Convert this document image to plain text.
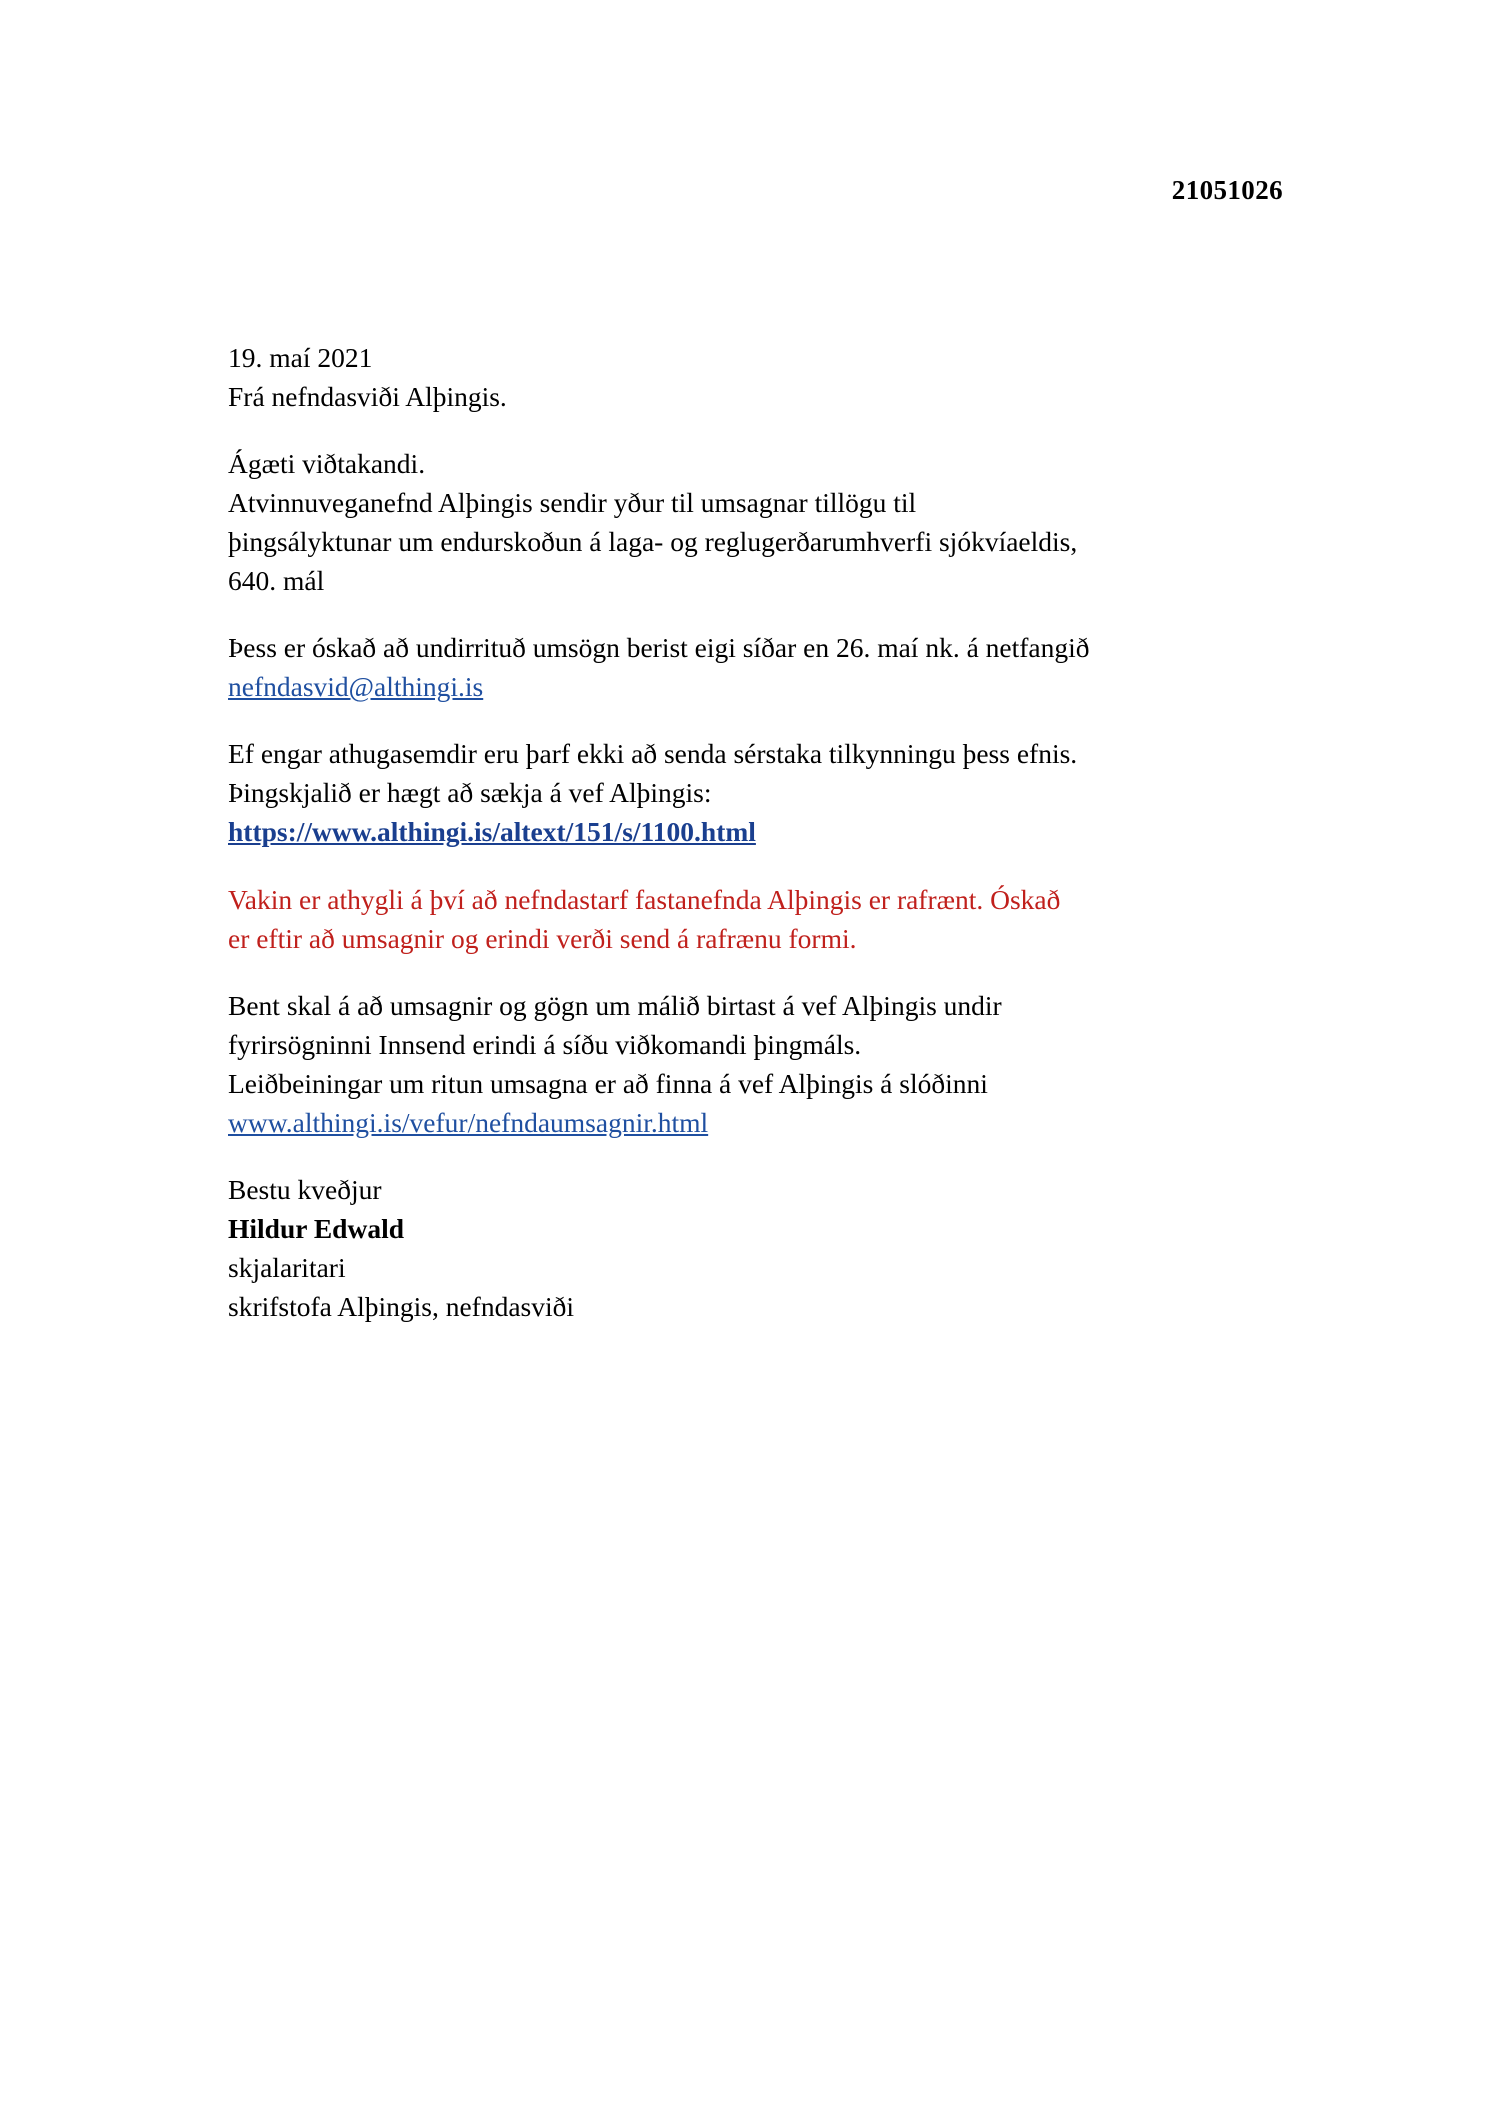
21051026
19. maí 2021
Frá nefndasviði Alþingis.
Ágæti viðtakandi.
Atvinnuveganefnd Alþingis sendir yður til umsagnar tillögu til
þingsályktunar um endurskoðun á laga- og reglugerðarumhverfi sjókvíaeldis,
640. mál
Þess er óskað að undirrituð umsögn berist eigi síðar en 26. maí nk. á netfangið
nefndasvid@althingi.is
Ef engar athugasemdir eru þarf ekki að senda sérstaka tilkynningu þess efnis.
Þingskjalið er hægt að sækja á vef Alþingis:
https://www.althingi.is/altext/151/s/1100.html
Vakin er athygli á því að nefndastarf fastanefnda Alþingis er rafrænt. Óskað
er eftir að umsagnir og erindi verði send á rafrænu formi.
Bent skal á að umsagnir og gögn um málið birtast á vef Alþingis undir
fyrirsögninni Innsend erindi á síðu viðkomandi þingmáls.
Leiðbeiningar um ritun umsagna er að finna á vef Alþingis á slóðinni
www.althingi.is/vefur/nefndaumsagnir.html
Bestu kveðjur
Hildur Edwald
skjalaritari
skrifstofa Alþingis, nefndasviði
